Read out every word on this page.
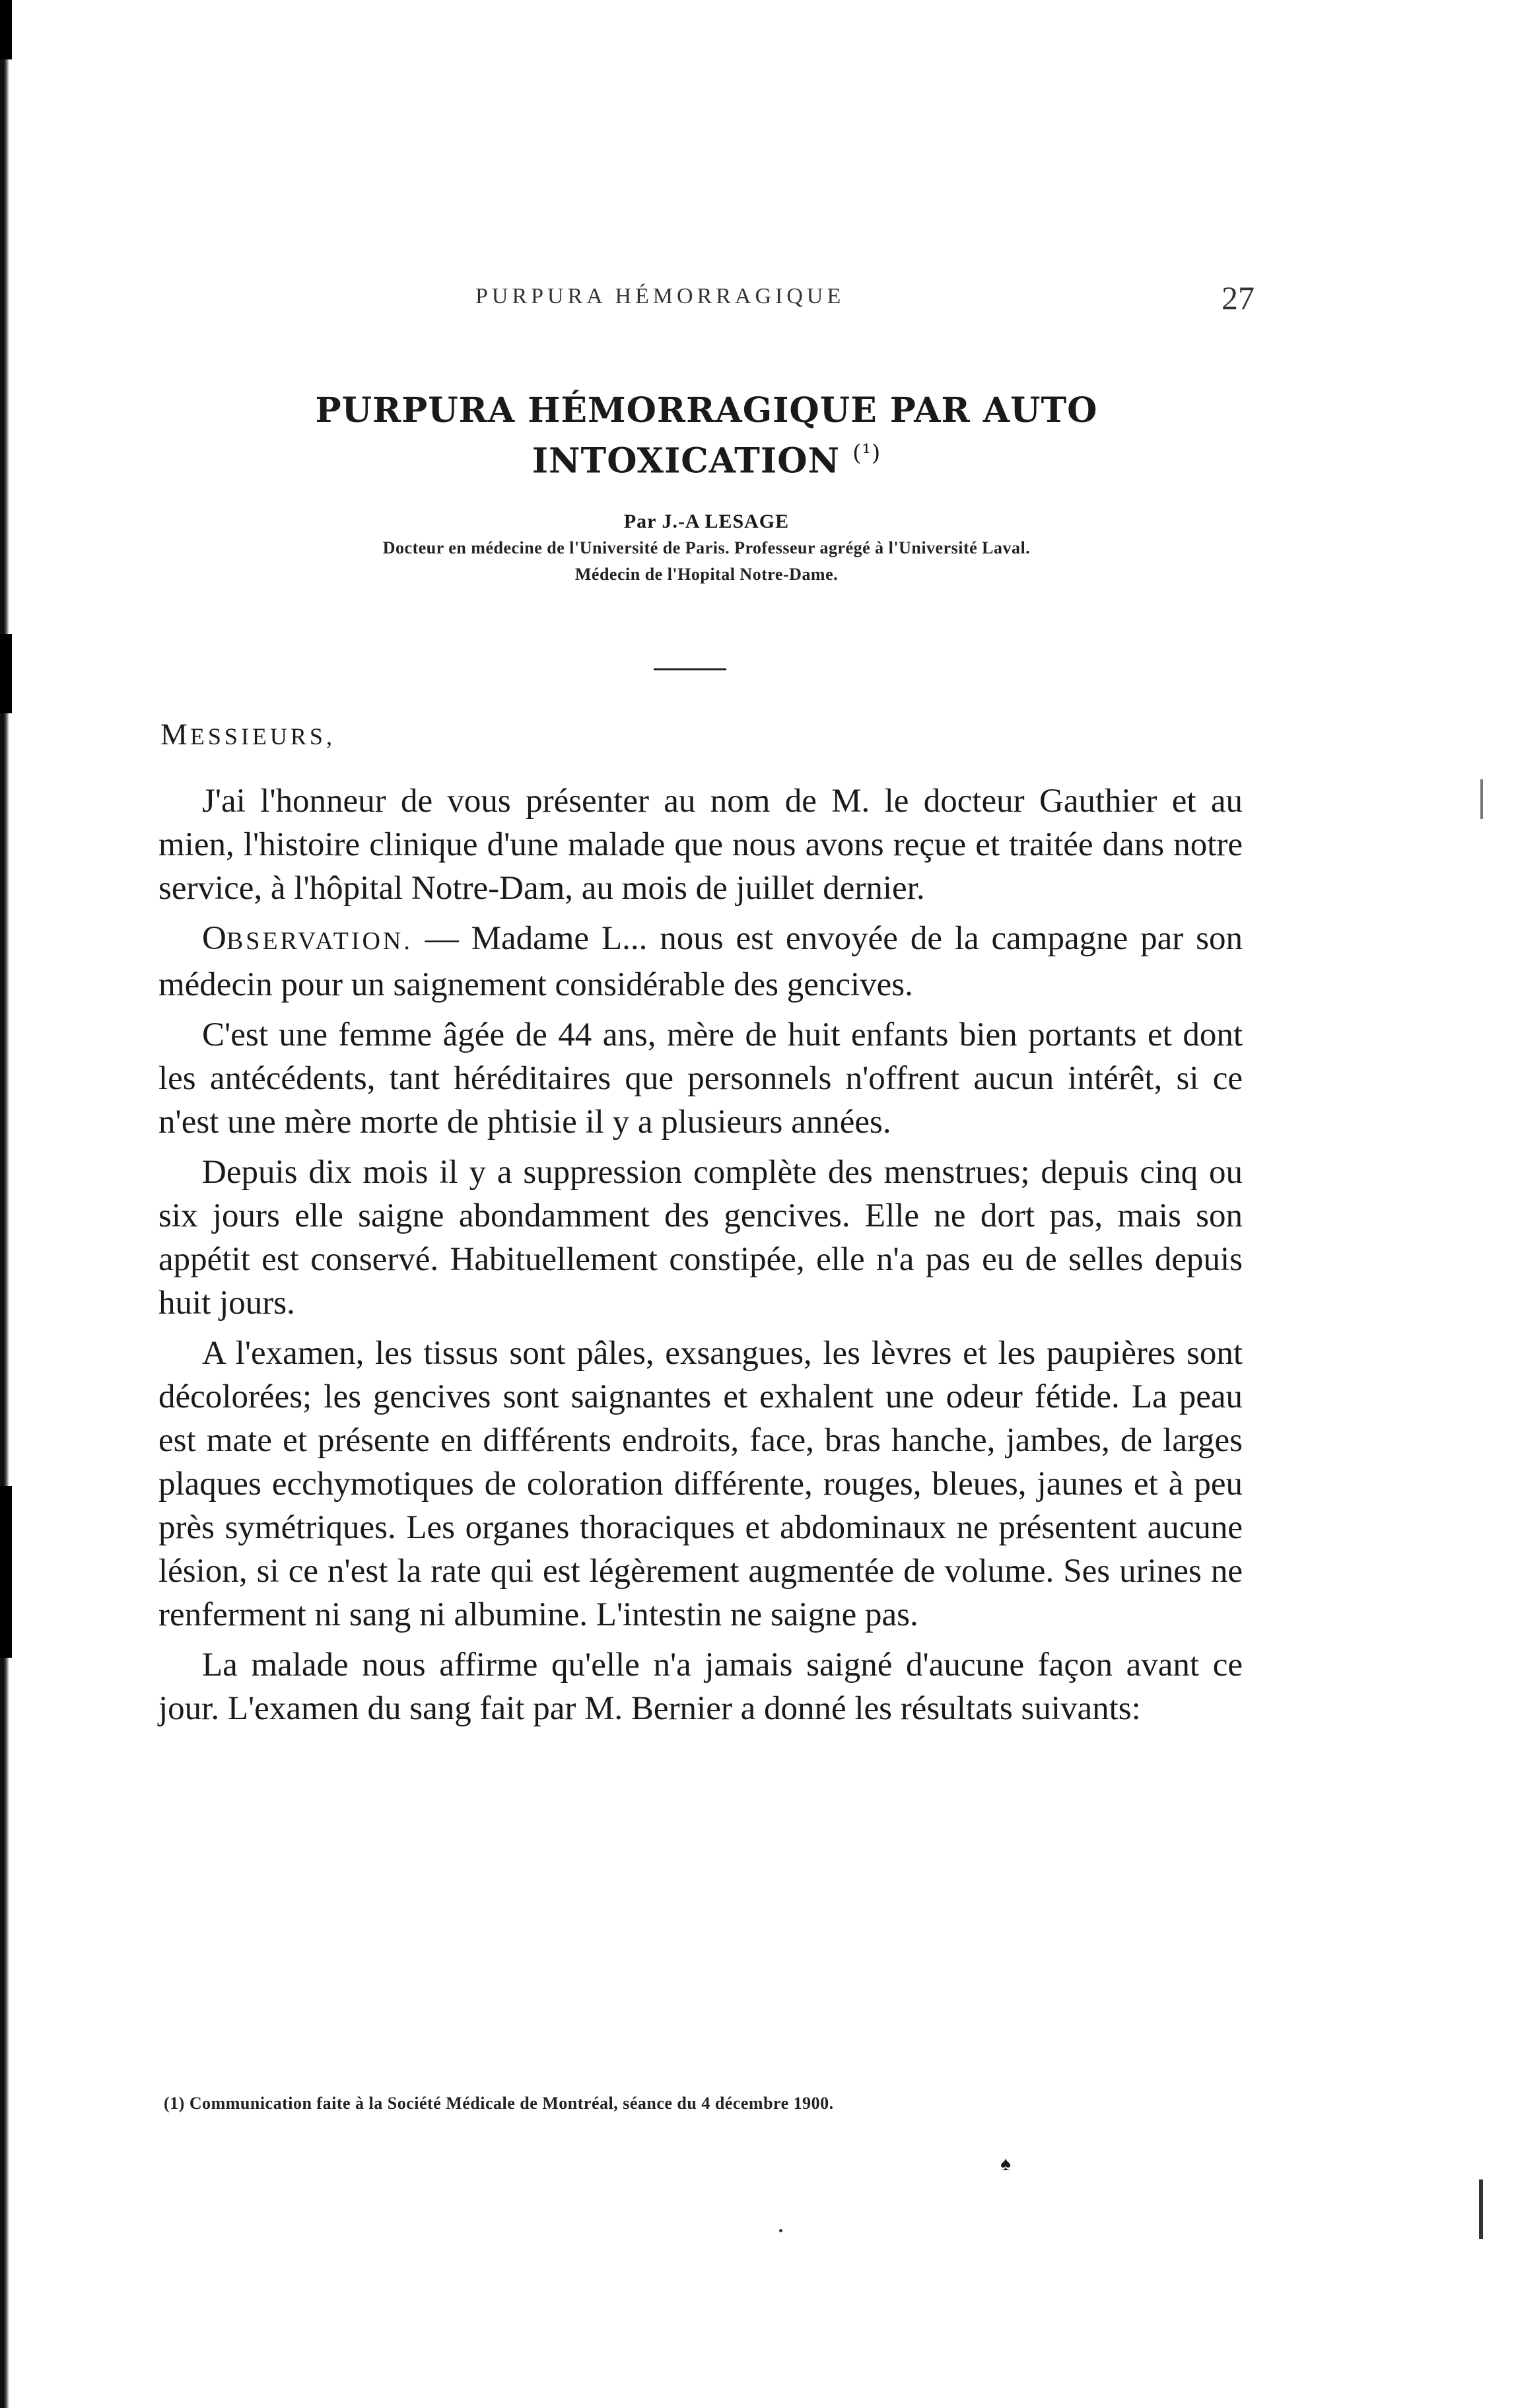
PURPURA HÉMORRAGIQUE	27
PURPURA HÉMORRAGIQUE PAR AUTO
INTOXICATION $^{(^1)}$
Par J.-A LESAGE
Docteur en médecine de l'Université de Paris. Professeur agrégé à l'Université Laval.
Médecin de l'Hopital Notre-Dame.
MESSIEURS,

J'ai l'honneur de vous présenter au nom de M. le docteur Gauthier et au mien, l'histoire clinique d'une malade que nous avons reçue et traitée dans notre service, à l'hôpital Notre-Dam, au mois de juillet dernier.

OBSERVATION. — Madame L... nous est envoyée de la campagne par son médecin pour un saignement considérable des gencives.

C'est une femme âgée de 44 ans, mère de huit enfants bien portants et dont les antécédents, tant héréditaires que personnels n'offrent aucun intérêt, si ce n'est une mère morte de phtisie il y a plusieurs années.

Depuis dix mois il y a suppression complète des menstrues; depuis cinq ou six jours elle saigne abondamment des gencives. Elle ne dort pas, mais son appétit est conservé. Habituellement constipée, elle n'a pas eu de selles depuis huit jours.

A l'examen, les tissus sont pâles, exsangues, les lèvres et les paupières sont décolorées; les gencives sont saignantes et exhalent une odeur fétide. La peau est mate et présente en différents endroits, face, bras hanche, jambes, de larges plaques ecchymotiques de coloration différente, rouges, bleues, jaunes et à peu près symétriques. Les organes thoraciques et abdominaux ne présentent aucune lésion, si ce n'est la rate qui est légèrement augmentée de volume. Ses urines ne renferment ni sang ni albumine. L'intestin ne saigne pas.

La malade nous affirme qu'elle n'a jamais saigné d'aucune façon avant ce jour. L'examen du sang fait par M. Bernier a donné les résultats suivants:

(1) Communication faite à la Société Médicale de Montréal, séance du 4 décembre 1900.
♠
